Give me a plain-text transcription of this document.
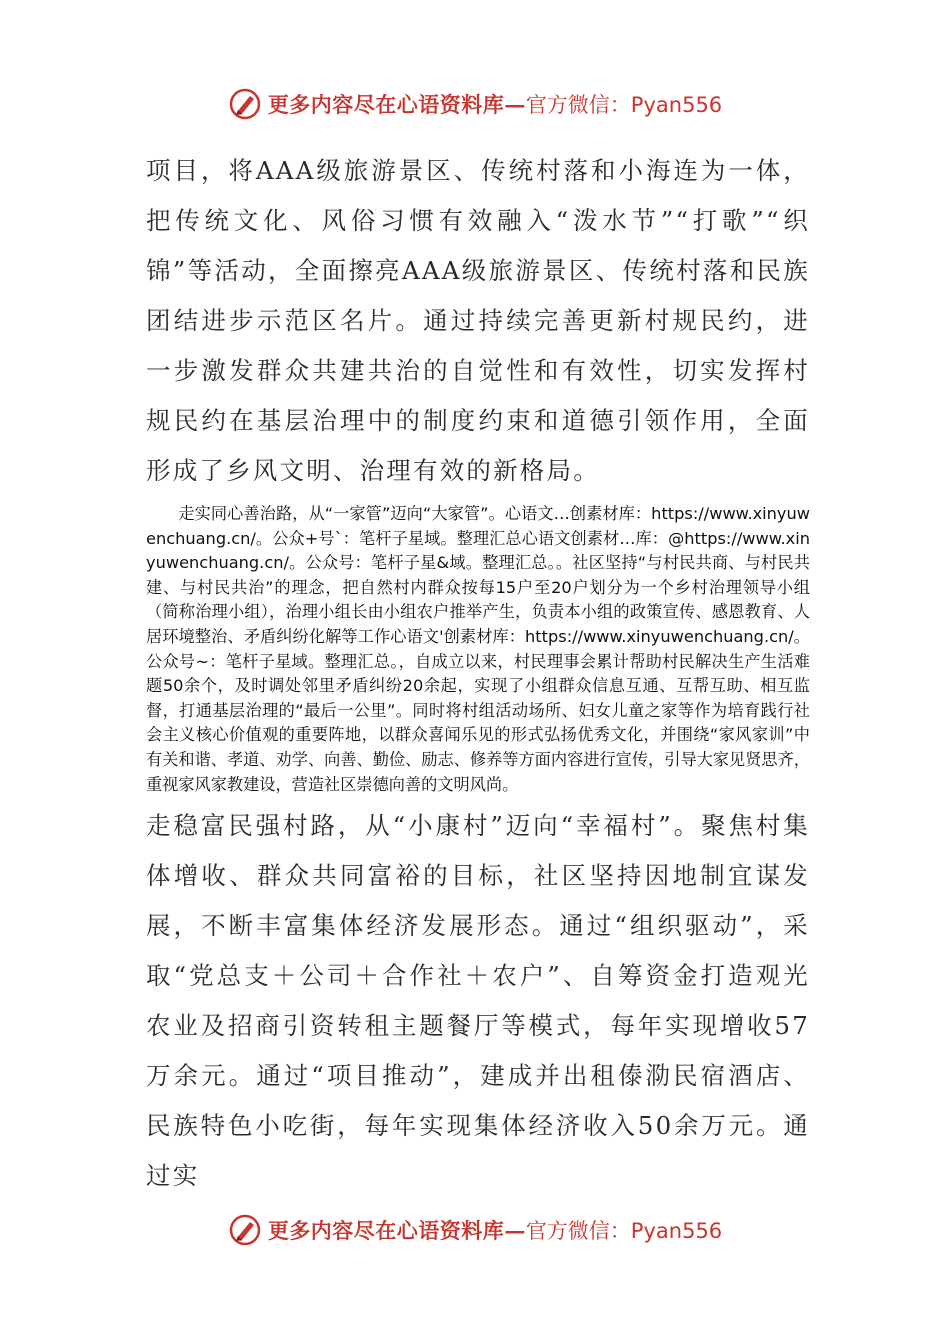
更多内容尽在心语资料库 — 官方微信：Pyan556

项目，将AAA级旅游景区、传统村落和小海连为一体，把传统文化、风俗习惯有效融入“泼水节”“打歌”“织锦”等活动，全面擦亮AAA级旅游景区、传统村落和民族团结进步示范区名片。通过持续完善更新村规民约，进一步激发群众共建共治的自觉性和有效性，切实发挥村规民约在基层治理中的制度约束和道德引领作用，全面形成了乡风文明、治理有效的新格局。

走实同心善治路，从“一家管”迈向“大家管”。心语文…创素材库：https://www.xinyuwenchuang.cn/。公众+号`：笔杆子星域。整理汇总心语文创素材…库：@https://www.xinyuwenchuang.cn/。公众号：笔杆子星&域。整理汇总。。社区坚持“与村民共商、与村民共建、与村民共治”的理念，把自然村内群众按每15户至20户划分为一个乡村治理领导小组（简称治理小组），治理小组长由小组农户推举产生，负责本小组的政策宣传、感恩教育、人居环境整治、矛盾纠纷化解等工作心语文'创素材库：https://www.xinyuwenchuang.cn/。公众号~：笔杆子星域。整理汇总。，自成立以来，村民理事会累计帮助村民解决生产生活难题50余个，及时调处邻里矛盾纠纷20余起，实现了小组群众信息互通、互帮互助、相互监督，打通基层治理的“最后一公里”。同时将村组活动场所、妇女儿童之家等作为培育践行社会主义核心价值观的重要阵地，以群众喜闻乐见的形式弘扬优秀文化，并围绕“家风家训”中有关和谐、孝道、劝学、向善、勤俭、励志、修养等方面内容进行宣传，引导大家见贤思齐，重视家风家教建设，营造社区崇德向善的文明风尚。

走稳富民强村路，从“小康村”迈向“幸福村”。聚焦村集体增收、群众共同富裕的目标，社区坚持因地制宜谋发展，不断丰富集体经济发展形态。通过“组织驱动”，采取“党总支＋公司＋合作社＋农户”、自筹资金打造观光农业及招商引资转租主题餐厅等模式，每年实现增收57万余元。通过“项目推动”，建成并出租傣泐民宿酒店、民族特色小吃街，每年实现集体经济收入50余万元。通过实

更多内容尽在心语资料库 — 官方微信：Pyan556
